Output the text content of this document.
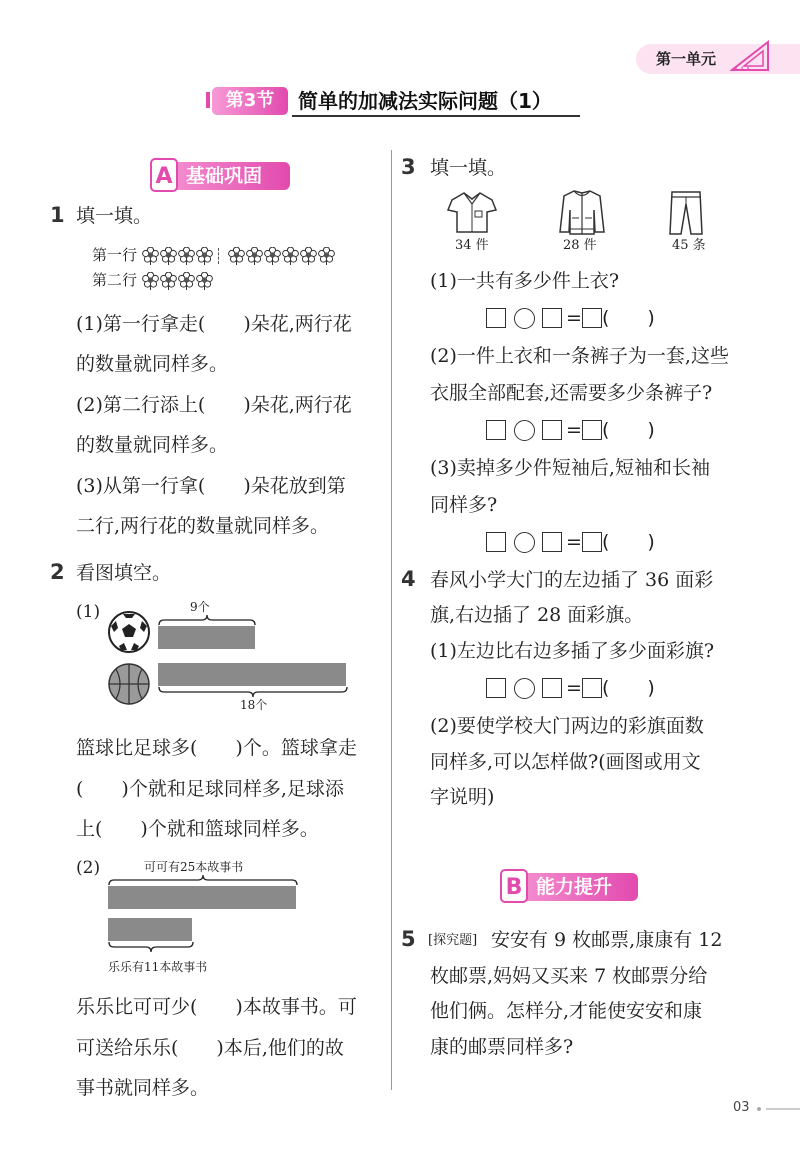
第一单元
第3节	简单的加减法实际问题（1）
A 基础巩固
1 填一填。
第一行
第二行
(1)第一行拿走(　　)朵花,两行花
的数量就同样多。
(2)第二行添上(　　)朵花,两行花
的数量就同样多。
(3)从第一行拿(　　)朵花放到第
二行,两行花的数量就同样多。
2 看图填空。
(1)	9个
18个
篮球比足球多(　　)个。篮球拿走
(　　)个就和足球同样多,足球添
上(　　)个就和篮球同样多。
(2)	可可有25本故事书
乐乐有11本故事书
乐乐比可可少(　　)本故事书。可
可送给乐乐(　　)本后,他们的故
事书就同样多。
3 填一填。
34 件	28 件	45 条
(1)一共有多少件上衣?
= (　　)
(2)一件上衣和一条裤子为一套,这些
衣服全部配套,还需要多少条裤子?
= (　　)
(3)卖掉多少件短袖后,短袖和长袖
同样多?
= (　　)
4 春风小学大门的左边插了 36 面彩
旗,右边插了 28 面彩旗。
(1)左边比右边多插了多少面彩旗?
= (　　)
(2)要使学校大门两边的彩旗面数
同样多,可以怎样做?(画图或用文
字说明)
B 能力提升
5 [探究题] 安安有 9 枚邮票,康康有 12
枚邮票,妈妈又买来 7 枚邮票分给
他们俩。怎样分,才能使安安和康
康的邮票同样多?
03
